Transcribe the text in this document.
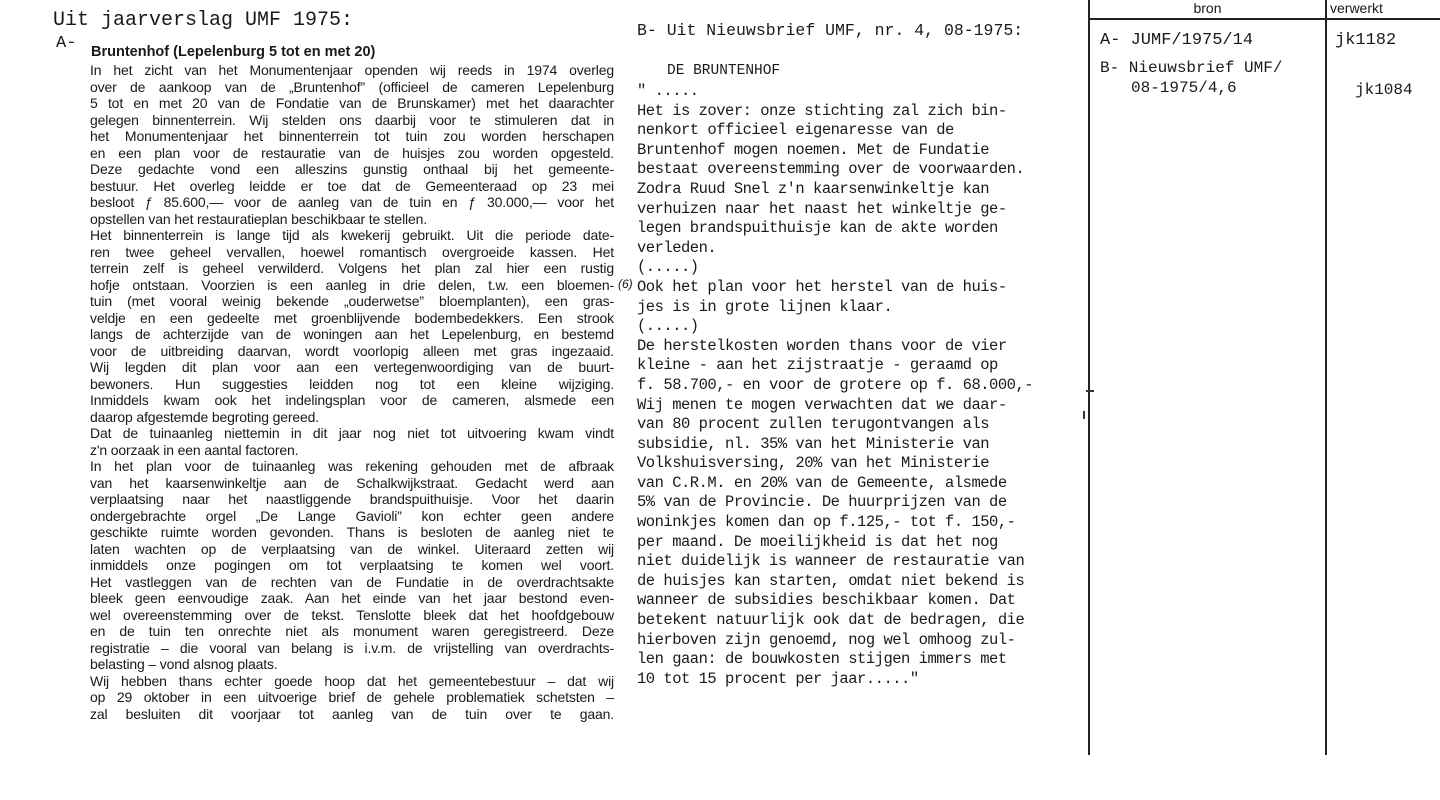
Uit jaarverslag UMF 1975:
A- Bruntenhof (Lepelenburg 5 tot en met 20)
In het zicht van het Monumentenjaar openden wij reeds in 1974 overleg
over de aankoop van de „Bruntenhof” (officieel de cameren Lepelenburg
5 tot en met 20 van de Fondatie van de Brunskamer) met het daarachter
gelegen binnenterrein. Wij stelden ons daarbij voor te stimuleren dat in
het Monumentenjaar het binnenterrein tot tuin zou worden herschapen
en een plan voor de restauratie van de huisjes zou worden opgesteld.
Deze gedachte vond een alleszins gunstig onthaal bij het gemeente-
bestuur. Het overleg leidde er toe dat de Gemeenteraad op 23 mei
besloot ƒ 85.600,— voor de aanleg van de tuin en ƒ 30.000,— voor het
opstellen van het restauratieplan beschikbaar te stellen.
Het binnenterrein is lange tijd als kwekerij gebruikt. Uit die periode date-
ren twee geheel vervallen, hoewel romantisch overgroeide kassen. Het
terrein zelf is geheel verwilderd. Volgens het plan zal hier een rustig
hofje ontstaan. Voorzien is een aanleg in drie delen, t.w. een bloemen-
tuin (met vooral weinig bekende „ouderwetse” bloemplanten), een gras-
veldje en een gedeelte met groenblijvende bodembedekkers. Een strook
langs de achterzijde van de woningen aan het Lepelenburg, en bestemd
voor de uitbreiding daarvan, wordt voorlopig alleen met gras ingezaaid.
Wij legden dit plan voor aan een vertegenwoordiging van de buurt-
bewoners. Hun suggesties leidden nog tot een kleine wijziging.
Inmiddels kwam ook het indelingsplan voor de cameren, alsmede een
daarop afgestemde begroting gereed.
Dat de tuinaanleg niettemin in dit jaar nog niet tot uitvoering kwam vindt
z'n oorzaak in een aantal factoren.
In het plan voor de tuinaanleg was rekening gehouden met de afbraak
van het kaarsenwinkeltje aan de Schalkwijkstraat. Gedacht werd aan
verplaatsing naar het naastliggende brandspuithuisje. Voor het daarin
ondergebrachte orgel „De Lange Gavioli” kon echter geen andere
geschikte ruimte worden gevonden. Thans is besloten de aanleg niet te
laten wachten op de verplaatsing van de winkel. Uiteraard zetten wij
inmiddels onze pogingen om tot verplaatsing te komen wel voort.
Het vastleggen van de rechten van de Fundatie in de overdrachtsakte
bleek geen eenvoudige zaak. Aan het einde van het jaar bestond even-
wel overeenstemming over de tekst. Tenslotte bleek dat het hoofdgebouw
en de tuin ten onrechte niet als monument waren geregistreerd. Deze
registratie – die vooral van belang is i.v.m. de vrijstelling van overdrachts-
belasting – vond alsnog plaats.
Wij hebben thans echter goede hoop dat het gemeentebestuur – dat wij
op 29 oktober in een uitvoerige brief de gehele problematiek schetsten –
zal besluiten dit voorjaar tot aanleg van de tuin over te gaan.
B- Uit Nieuwsbrief UMF, nr. 4, 08-1975:
DE BRUNTENHOF
(6)
" .....
Het is zover: onze stichting zal zich bin-
nenkort officieel eigenaresse van de
Bruntenhof mogen noemen. Met de Fundatie
bestaat overeenstemming over de voorwaarden.
Zodra Ruud Snel z'n kaarsenwinkeltje kan
verhuizen naar het naast het winkeltje ge-
legen brandspuithuisje kan de akte worden
verleden.
(.....)
Ook het plan voor het herstel van de huis-
jes is in grote lijnen klaar.
(.....)
De herstelkosten worden thans voor de vier
kleine - aan het zijstraatje - geraamd op
f. 58.700,- en voor de grotere op f. 68.000,-
Wij menen te mogen verwachten dat we daar-
van 80 procent zullen terugontvangen als
subsidie, nl. 35% van het Ministerie van
Volkshuisversing, 20% van het Ministerie
van C.R.M. en 20% van de Gemeente, alsmede
5% van de Provincie. De huurprijzen van de
woninkjes komen dan op f.125,- tot f. 150,-
per maand. De moeilijkheid is dat het nog
niet duidelijk is wanneer de restauratie van
de huisjes kan starten, omdat niet bekend is
wanneer de subsidies beschikbaar komen. Dat
betekent natuurlijk ook dat de bedragen, die
hierboven zijn genoemd, nog wel omhoog zul-
len gaan: de bouwkosten stijgen immers met
10 tot 15 procent per jaar....."
bron	verwerkt
A- JUMF/1975/14
B- Nieuwsbrief UMF/
08-1975/4,6
jk1182
jk1084
